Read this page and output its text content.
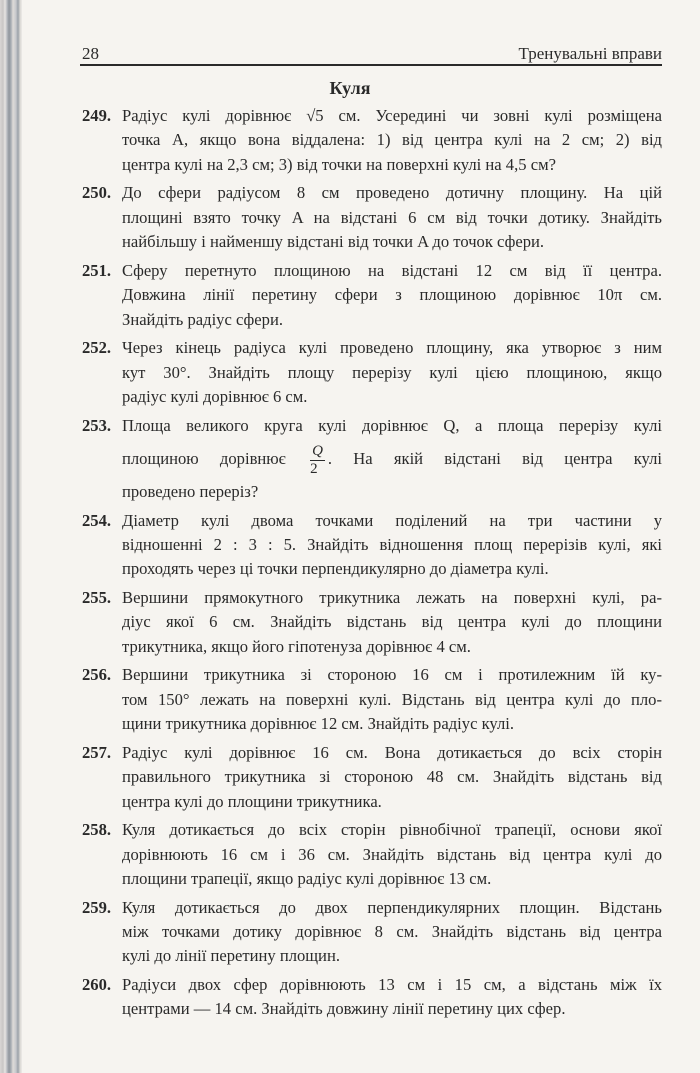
28	Тренувальні вправи
Куля
249. Радіус кулі дорівнює √5 см. Усередині чи зовні кулі розміщена
точка A, якщо вона віддалена: 1) від центра кулі на 2 см; 2) від
центра кулі на 2,3 см; 3) від точки на поверхні кулі на 4,5 см?
250. До сфери радіусом 8 см проведено дотичну площину. На цій
площині взято точку A на відстані 6 см від точки дотику. Знайдіть
найбільшу і найменшу відстані від точки A до точок сфери.
251. Сферу перетнуто площиною на відстані 12 см від її центра.
Довжина лінії перетину сфери з площиною дорівнює 10π см.
Знайдіть радіус сфери.
252. Через кінець радіуса кулі проведено площину, яка утворює з ним
кут 30°. Знайдіть площу перерізу кулі цією площиною, якщо
радіус кулі дорівнює 6 см.
253. Площа великого круга кулі дорівнює Q, а площа перерізу кулі
площиною дорівнює $\frac{Q}{2}$ . На якій відстані від центра кулі
проведено переріз?
254. Діаметр кулі двома точками поділений на три частини у
відношенні 2 : 3 : 5. Знайдіть відношення площ перерізів кулі, які
проходять через ці точки перпендикулярно до діаметра кулі.
255. Вершини прямокутного трикутника лежать на поверхні кулі, ра-
діус якої 6 см. Знайдіть відстань від центра кулі до площини
трикутника, якщо його гіпотенуза дорівнює 4 см.
256. Вершини трикутника зі стороною 16 см і протилежним їй ку-
том 150° лежать на поверхні кулі. Відстань від центра кулі до пло-
щини трикутника дорівнює 12 см. Знайдіть радіус кулі.
257. Радіус кулі дорівнює 16 см. Вона дотикається до всіх сторін
правильного трикутника зі стороною 48 см. Знайдіть відстань від
центра кулі до площини трикутника.
258. Куля дотикається до всіх сторін рівнобічної трапеції, основи якої
дорівнюють 16 см і 36 см. Знайдіть відстань від центра кулі до
площини трапеції, якщо радіус кулі дорівнює 13 см.
259. Куля дотикається до двох перпендикулярних площин. Відстань
між точками дотику дорівнює 8 см. Знайдіть відстань від центра
кулі до лінії перетину площин.
260. Радіуси двох сфер дорівнюють 13 см і 15 см, а відстань між їх
центрами — 14 см. Знайдіть довжину лінії перетину цих сфер.
